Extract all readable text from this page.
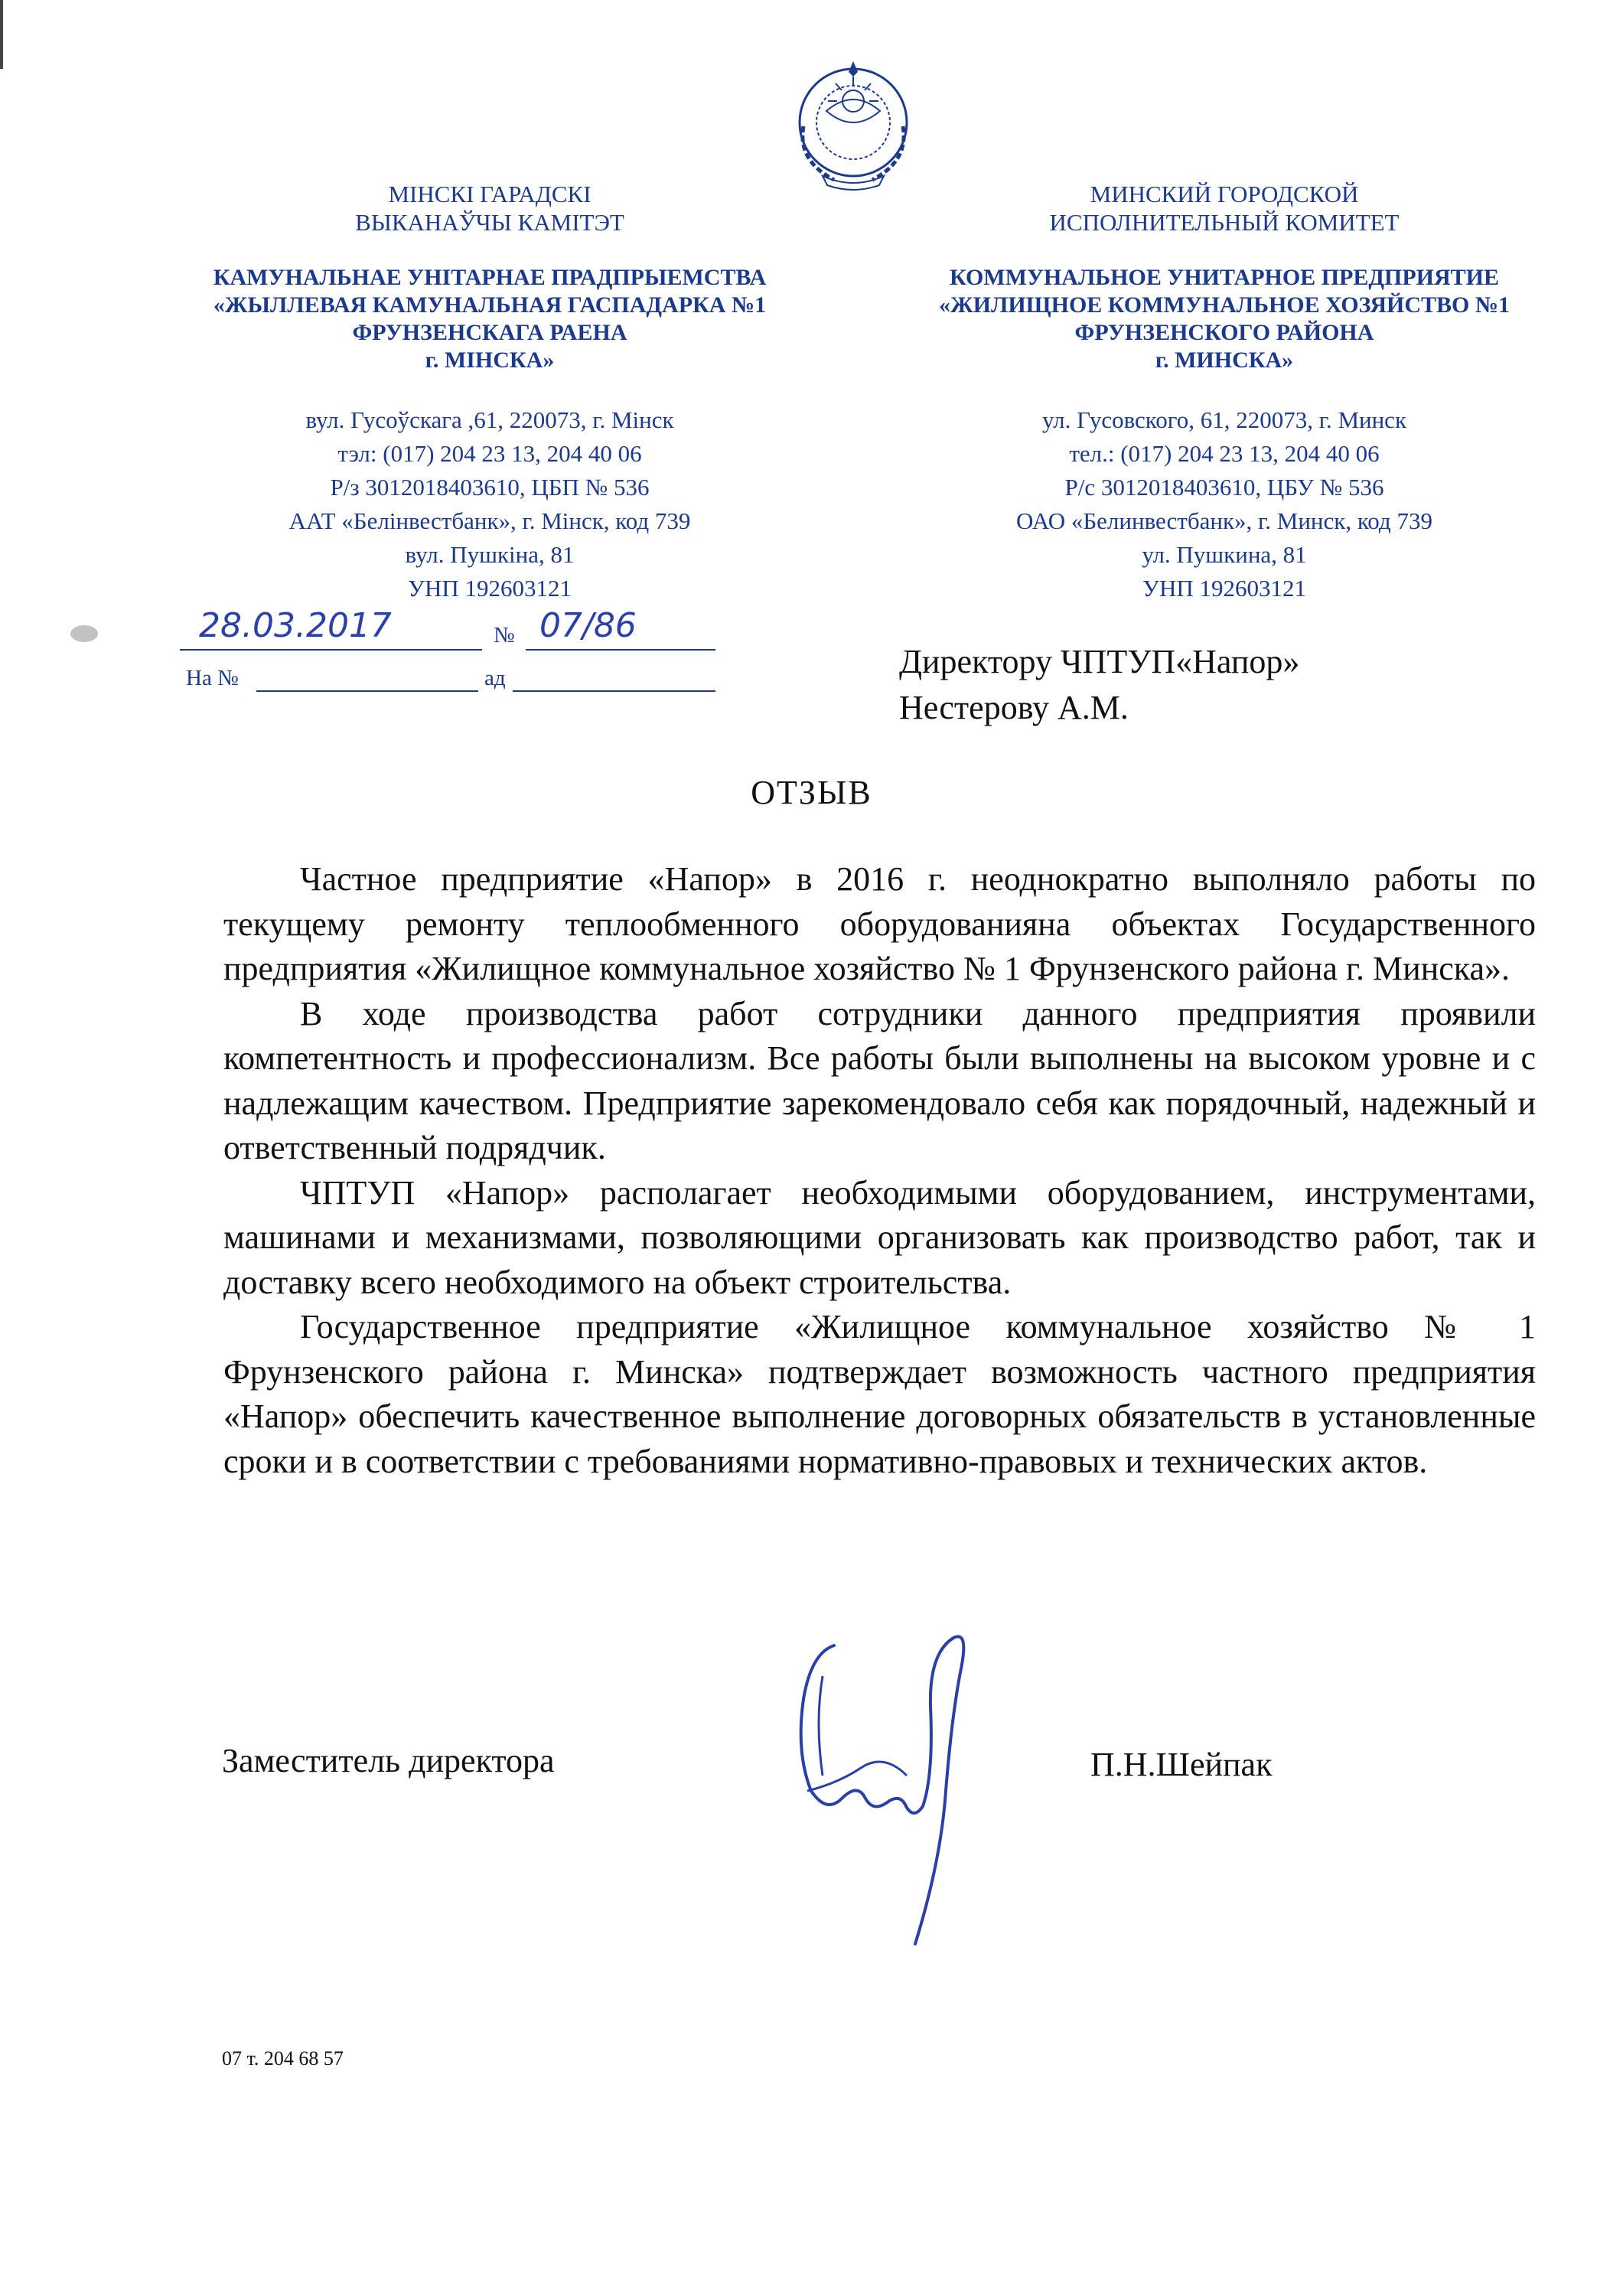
МІНСКІ ГАРАДСКІ
ВЫКАНАЎЧЫ КАМІТЭТ
КАМУНАЛЬНАЕ УНІТАРНАЕ ПРАДПРЫЕМСТВА
«ЖЫЛЛЕВАЯ КАМУНАЛЬНАЯ ГАСПАДАРКА №1
ФРУНЗЕНСКАГА РАЕНА
г. МІНСКА»
вул. Гусоўскага ,61, 220073, г. Мінск
тэл: (017) 204 23 13, 204 40 06
Р/з 3012018403610, ЦБП № 536
ААТ «Белінвестбанк», г. Мінск, код 739
вул. Пушкіна, 81
УНП 192603121
МИНСКИЙ ГОРОДСКОЙ
ИСПОЛНИТЕЛЬНЫЙ КОМИТЕТ
КОММУНАЛЬНОЕ УНИТАРНОЕ ПРЕДПРИЯТИЕ
«ЖИЛИЩНОЕ КОММУНАЛЬНОЕ ХОЗЯЙСТВО №1
ФРУНЗЕНСКОГО РАЙОНА
г. МИНСКА»
ул. Гусовского, 61, 220073, г. Минск
тел.: (017) 204 23 13, 204 40 06
Р/с 3012018403610, ЦБУ № 536
ОАО «Белинвестбанк», г. Минск, код 739
ул. Пушкина, 81
УНП 192603121
28.03.2017	№ 07/86
На №	ад	Директору ЧПТУП«Напор»
Нестерову А.М.
ОТЗЫВ

Частное предприятие «Напор» в 2016 г. неоднократно выполняло работы по текущему ремонту теплообменного оборудованияна объектах Государственного предприятия «Жилищное коммунальное хозяйство № 1 Фрунзенского района г. Минска».

В ходе производства работ сотрудники данного предприятия проявили компетентность и профессионализм. Все работы были выполнены на высоком уровне и с надлежащим качеством. Предприятие зарекомендовало себя как порядочный, надежный и ответственный подрядчик.

ЧПТУП «Напор» располагает необходимыми оборудованием, инструментами, машинами и механизмами, позволяющими организовать как производство работ, так и доставку всего необходимого на объект строительства.

Государственное предприятие «Жилищное коммунальное хозяйство № 1 Фрунзенского района г. Минска» подтверждает возможность частного предприятия «Напор» обеспечить качественное выполнение договорных обязательств в установленные сроки и в соответствии с требованиями нормативно-правовых и технических актов.

Заместитель директора	П.Н.Шейпак
07 т. 204 68 57
